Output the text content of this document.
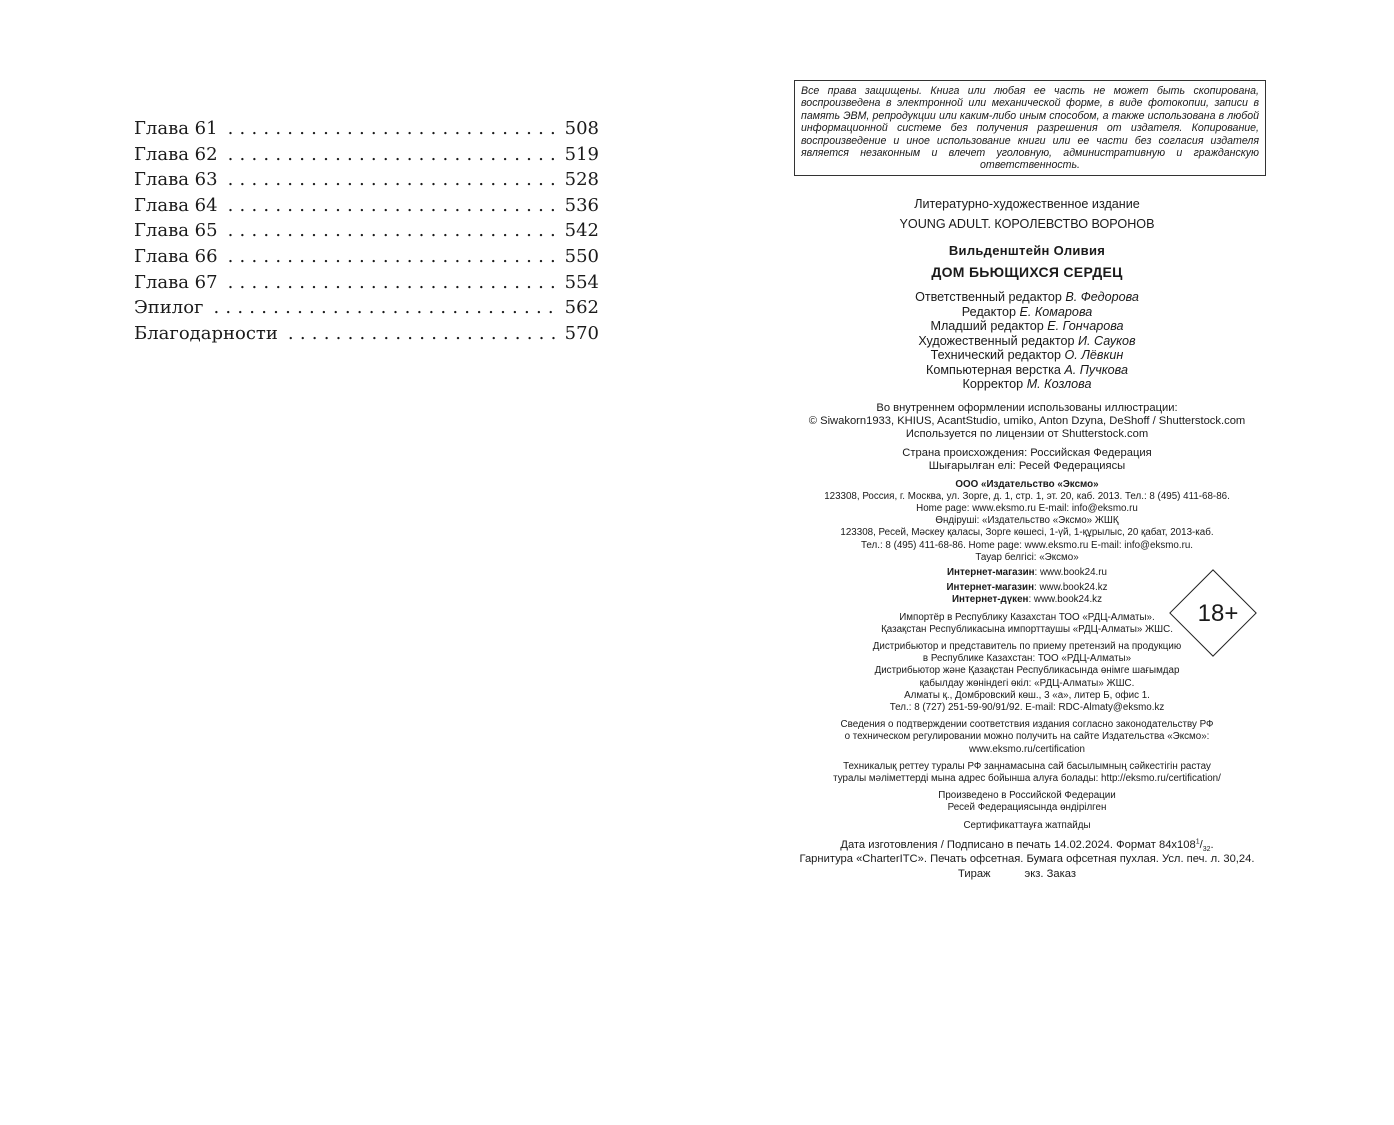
Глава 61 . . .	508
Глава 62 . . .	519
Глава 63 . . .	528
Глава 64 . . .	536
Глава 65 . . .	542
Глава 66 . . .	550
Глава 67 . . .	554
Эпилог . . .	562
Благодарности . . .	570
Все права защищены. Книга или любая ее часть не может быть скопирована, воспроизведена в электронной или механической форме, в виде фотокопии, записи в память ЭВМ, репродукции или каким-либо иным способом, а также использована в любой информационной системе без получения разрешения от издателя. Копирование, воспроизведение и иное использование книги или ее части без согласия издателя является незаконным и влечет уголовную, административную и гражданскую ответственность.
Литературно-художественное издание
YOUNG ADULT. КОРОЛЕВСТВО ВОРОНОВ
Вильденштейн Оливия
ДОМ БЬЮЩИХСЯ СЕРДЕЦ
Ответственный редактор В. Федорова
Редактор Е. Комарова
Младший редактор Е. Гончарова
Художественный редактор И. Сауков
Технический редактор О. Лёвкин
Компьютерная верстка А. Пучкова
Корректор М. Козлова
Во внутреннем оформлении использованы иллюстрации:
© Siwakorn1933, KHIUS, AcantStudio, umiko, Anton Dzyna, DeShoff / Shutterstock.com
Используется по лицензии от Shutterstock.com
Страна происхождения: Российская Федерация
Шығарылған елі: Ресей Федерациясы
ООО «Издательство «Эксмо»
123308, Россия, г. Москва, ул. Зорге, д. 1, стр. 1, эт. 20, каб. 2013. Тел.: 8 (495) 411-68-86.
Home page: www.eksmo.ru E-mail: info@eksmo.ru
Өндіруші: «Издательство «Эксмо» ЖШҚ
123308, Ресей, Мәскеу қаласы, Зорге көшесі, 1-үй, 1-құрылыс, 20 қабат, 2013-каб.
Тел.: 8 (495) 411-68-86. Home page: www.eksmo.ru E-mail: info@eksmo.ru.
Тауар белгісі: «Эксмо»
Интернет-магазин: www.book24.ru
Интернет-магазин: www.book24.kz
Интернет-дүкен: www.book24.kz
Импортёр в Республику Казахстан ТОО «РДЦ-Алматы».
Қазақстан Республикасына импорттаушы «РДЦ-Алматы» ЖШС.
Дистрибьютор и представитель по приему претензий на продукцию
в Республике Казахстан: ТОО «РДЦ-Алматы»
Дистрибьютор және Қазақстан Республикасында өнімге шағымдар
қабылдау жөніндегі өкіл: «РДЦ-Алматы» ЖШС.
Алматы қ., Домбровский көш., 3 «а», литер Б, офис 1.
Тел.: 8 (727) 251-59-90/91/92. E-mail: RDC-Almaty@eksmo.kz
Сведения о подтверждении соответствия издания согласно законодательству РФ
о техническом регулировании можно получить на сайте Издательства «Эксмо»:
www.eksmo.ru/certification
Техникалық реттеу туралы РФ заңнамасына сай басылымның сәйкестігін растау
туралы мәліметтерді мына адрес бойынша алуға болады: http://eksmo.ru/certification/
Произведено в Российской Федерации
Ресей Федерациясында өндірілген
Сертификаттауға жатпайды
Дата изготовления / Подписано в печать 14.02.2024. Формат $84x108^1/_{32}$.
Гарнитура «CharterITC». Печать офсетная. Бумага офсетная пухлая. Усл. печ. л. 30,24.
Тираж	экз. Заказ
18+
